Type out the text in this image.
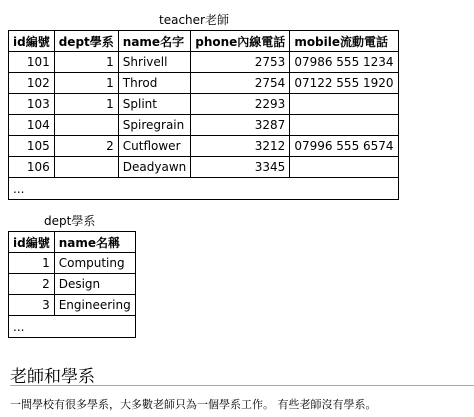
teacher老師
id編號	dept學系	name名字	phone內線電話	mobile流動電話
101	1	Shrivell	2753	07986 555 1234
102	1	Throd	2754	07122 555 1920
103	1	Splint	2293	
104		Spiregrain	3287	
105	2	Cutflower	3212	07996 555 6574
106		Deadyawn	3345	
...				
dept學系
id編號	name名稱
1	Computing
2	Design
3	Engineering
...	
老師和學系
一間學校有很多學系，大多數老師只為一個學系工作。 有些老師沒有學系。
